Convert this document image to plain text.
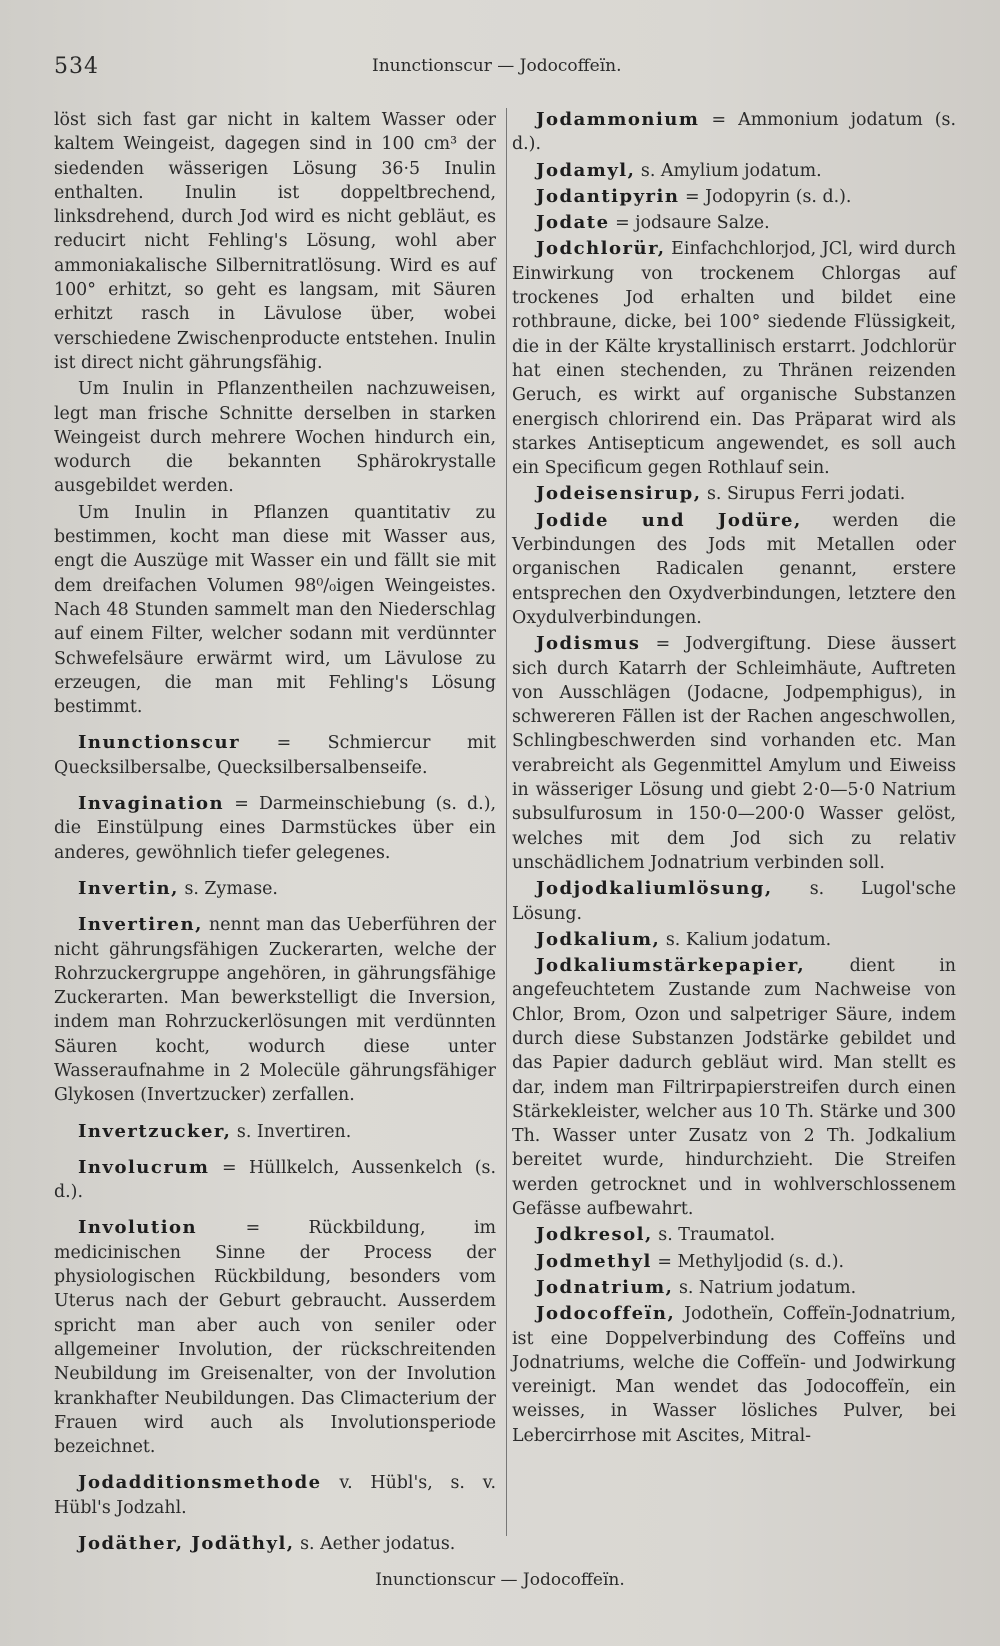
534	Inunctionscur — Jodocoffeïn.

löst sich fast gar nicht in kaltem Wasser oder kaltem Weingeist, dagegen sind in 100 cm³ der siedenden wässerigen Lösung 36·5 Inulin enthalten. Inulin ist doppeltbrechend, linksdrehend, durch Jod wird es nicht gebläut, es reducirt nicht Fehling's Lösung, wohl aber ammoniakalische Silbernitratlösung. Wird es auf 100° erhitzt, so geht es langsam, mit Säuren erhitzt rasch in Lävulose über, wobei verschiedene Zwischenproducte entstehen. Inulin ist direct nicht gährungsfähig.

Um Inulin in Pflanzentheilen nachzuweisen, legt man frische Schnitte derselben in starken Weingeist durch mehrere Wochen hindurch ein, wodurch die bekannten Sphärokrystalle ausgebildet werden.

Um Inulin in Pflanzen quantitativ zu bestimmen, kocht man diese mit Wasser aus, engt die Auszüge mit Wasser ein und fällt sie mit dem dreifachen Volumen 98⁰/₀igen Weingeistes. Nach 48 Stunden sammelt man den Niederschlag auf einem Filter, welcher sodann mit verdünnter Schwefelsäure erwärmt wird, um Lävulose zu erzeugen, die man mit Fehling's Lösung bestimmt.

Inunctionscur = Schmiercur mit Quecksilbersalbe, Quecksilbersalbenseife.

Invagination = Darmeinschiebung (s. d.), die Einstülpung eines Darmstückes über ein anderes, gewöhnlich tiefer gelegenes.

Invertin, s. Zymase.

Invertiren, nennt man das Ueberführen der nicht gährungsfähigen Zuckerarten, welche der Rohrzuckergruppe angehören, in gährungsfähige Zuckerarten. Man bewerkstelligt die Inversion, indem man Rohrzuckerlösungen mit verdünnten Säuren kocht, wodurch diese unter Wasseraufnahme in 2 Molecüle gährungsfähiger Glykosen (Invertzucker) zerfallen.

Invertzucker, s. Invertiren.

Involucrum = Hüllkelch, Aussenkelch (s. d.).

Involution	= Rückbildung, im medicinischen Sinne der Process der physiologischen Rückbildung, besonders vom Uterus nach der Geburt gebraucht. Ausserdem spricht man aber auch von seniler oder allgemeiner Involution, der rückschreitenden Neubildung im Greisenalter, von der Involution krankhafter Neubildungen. Das Climacterium der Frauen wird auch als Involutionsperiode bezeichnet.

Jodadditionsmethode v. Hübl's, s. v. Hübl's Jodzahl.

Jodäther, Jodäthyl, s. Aether jodatus.

Jodammonium = Ammonium jodatum (s. d.).

Jodamyl, s. Amylium jodatum.

Jodantipyrin = Jodopyrin (s. d.).

Jodate = jodsaure Salze.

Jodchlorür, Einfachchlorjod, JCl, wird durch Einwirkung von trockenem Chlorgas auf trockenes Jod erhalten und bildet eine rothbraune, dicke, bei 100° siedende Flüssigkeit, die in der Kälte krystallinisch erstarrt. Jodchlorür hat einen stechenden, zu Thränen reizenden Geruch, es wirkt auf organische Substanzen energisch chlorirend ein. Das Präparat wird als starkes Antisepticum angewendet, es soll auch ein Specificum gegen Rothlauf sein.

Jodeisensirup, s. Sirupus Ferri jodati.

Jodide und Jodüre, werden die Verbindungen des Jods mit Metallen oder organischen Radicalen genannt, erstere entsprechen den Oxydverbindungen, letztere den Oxydulverbindungen.

Jodismus = Jodvergiftung. Diese äussert sich durch Katarrh der Schleimhäute, Auftreten von Ausschlägen (Jodacne, Jodpemphigus), in schwereren Fällen ist der Rachen angeschwollen, Schlingbeschwerden sind vorhanden etc. Man verabreicht als Gegenmittel Amylum und Eiweiss in wässeriger Lösung und giebt 2·0—5·0 Natrium subsulfurosum in 150·0—200·0 Wasser gelöst, welches mit dem Jod sich zu relativ unschädlichem Jodnatrium verbinden soll.

Jodjodkaliumlösung, s. Lugol'sche Lösung.

Jodkalium, s. Kalium jodatum.

Jodkaliumstärkepapier,	dient in angefeuchtetem Zustande zum Nachweise von Chlor, Brom, Ozon und salpetriger Säure, indem durch diese Substanzen Jodstärke gebildet und das Papier dadurch gebläut wird. Man stellt es dar, indem man Filtrirpapierstreifen durch einen Stärkekleister, welcher aus 10 Th. Stärke und 300 Th. Wasser unter Zusatz von 2 Th. Jodkalium bereitet wurde, hindurchzieht. Die Streifen werden getrocknet und in wohlverschlossenem Gefässe aufbewahrt.

Jodkresol, s. Traumatol.

Jodmethyl = Methyljodid (s. d.).

Jodnatrium, s. Natrium jodatum.

Jodocoffeïn, Jodotheïn, Coffeïn-Jodnatrium, ist eine Doppelverbindung des Coffeïns und Jodnatriums, welche die Coffeïn- und Jodwirkung vereinigt. Man wendet das Jodocoffeïn, ein weisses, in Wasser lösliches Pulver, bei Lebercirrhose mit Ascites, Mitral-

Inunctionscur — Jodocoffeïn.
